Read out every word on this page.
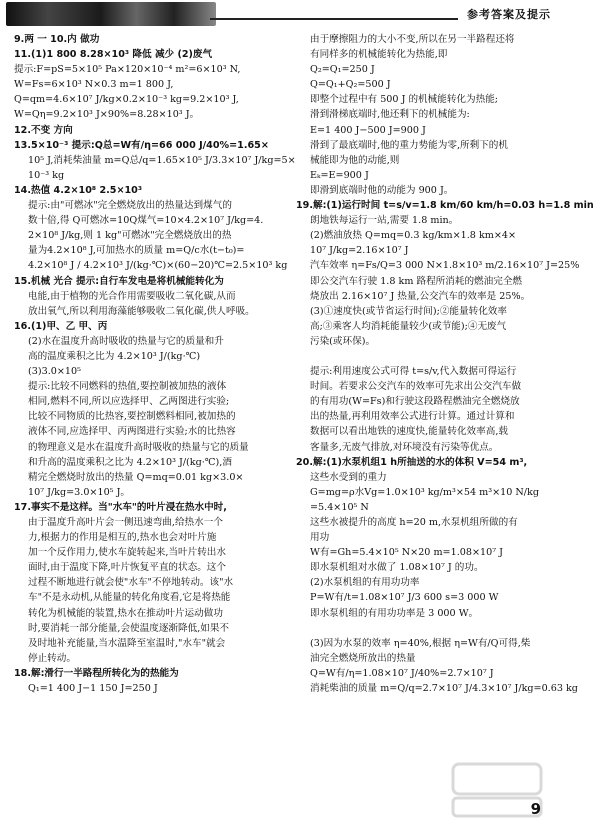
参考答案及提示
9.两 一 10.内 做功
11.(1)1 800 8.28×10³ 降低 减少 (2)废气
提示:F=pS=5×10⁵ Pa×120×10⁻⁴ m²=6×10³ N,
W=Fs=6×10³ N×0.3 m=1 800 J,
Q=qm=4.6×10⁷ J/kg×0.2×10⁻³ kg=9.2×10³ J,
W=Qη=9.2×10³ J×90%=8.28×10³ J。
12.不变 方向
13.5×10⁻³ 提示:Q总=W有/η=66 000 J/40%=1.65×
10⁵ J,消耗柴油量 m=Q总/q=1.65×10⁵ J/3.3×10⁷ J/kg=5×
10⁻³ kg
14.热值 4.2×10⁸ 2.5×10³
提示:由"可燃冰"完全燃烧放出的热量达到煤气的
数十倍,得 Q可燃冰=10Q煤气=10×4.2×10⁷ J/kg=4.
2×10⁸ J/kg,则 1 kg"可燃冰"完全燃烧放出的热
量为4.2×10⁸ J,可加热水的质量 m=Q/c水(t−t₀)=
4.2×10⁸ J / 4.2×10³ J/(kg·℃)×(60−20)℃=2.5×10³ kg
15.机械 光合 提示:自行车发电是将机械能转化为
电能,由于植物的光合作用需要吸收二氧化碳,从而
放出氧气,所以利用海藻能够吸收二氧化碳,供人呼吸。
16.(1)甲、乙 甲、丙
(2)水在温度升高时吸收的热量与它的质量和升
高的温度乘积之比为 4.2×10³ J/(kg·℃)
(3)3.0×10⁵
提示:比较不同燃料的热值,要控制被加热的液体
相同,燃料不同,所以应选择甲、乙两图进行实验;
比较不同物质的比热容,要控制燃料相同,被加热的
液体不同,应选择甲、丙两图进行实验;水的比热容
的物理意义是水在温度升高时吸收的热量与它的质量
和升高的温度乘积之比为 4.2×10³ J/(kg·℃),酒
精完全燃烧时放出的热量 Q=mq=0.01 kg×3.0×
10⁷ J/kg=3.0×10⁵ J。
17.事实不是这样。当"水车"的叶片浸在热水中时,
由于温度升高叶片会一侧迅速弯曲,给热水一个
力,根据力的作用是相互的,热水也会对叶片施
加一个反作用力,使水车旋转起来,当叶片转出水
面时,由于温度下降,叶片恢复平直的状态。这个
过程不断地进行就会使"水车"不停地转动。该"水
车"不是永动机,从能量的转化角度看,它是将热能
转化为机械能的装置,热水在推动叶片运动做功
时,要消耗一部分能量,会使温度逐渐降低,如果不
及时地补充能量,当水温降至室温时,"水车"就会
停止转动。
18.解:滑行一半路程所转化为的热能为
Q₁=1 400 J−1 150 J=250 J
由于摩擦阻力的大小不变,所以在另一半路程还将
有同样多的机械能转化为热能,即
Q₂=Q₁=250 J
Q=Q₁+Q₂=500 J
即整个过程中有 500 J 的机械能转化为热能;
滑到滑梯底端时,他还剩下的机械能为:
E=1 400 J−500 J=900 J
滑到了最底端时,他的重力势能为零,所剩下的机
械能即为他的动能,则
Eₖ=E=900 J
即滑到底端时他的动能为 900 J。
19.解:(1)运行时间 t=s/v=1.8 km/60 km/h=0.03 h=1.8 min
朗地铁每运行一站,需要 1.8 min。
(2)燃油放热 Q=mq=0.3 kg/km×1.8 km×4×
10⁷ J/kg=2.16×10⁷ J
汽车效率 η=Fs/Q=3 000 N×1.8×10³ m/2.16×10⁷ J=25%
即公交汽车行驶 1.8 km 路程所消耗的燃油完全燃
烧放出 2.16×10⁷ J 热量,公交汽车的效率是 25%。
(3)①速度快(或节省运行时间);②能量转化效率
高;③乘客人均消耗能量较少(或节能);④无废气
污染(或环保)。
提示:利用速度公式可得 t=s/v,代入数据可得运行
时间。若要求公交汽车的效率可先求出公交汽车做
的有用功(W=Fs)和行驶这段路程燃油完全燃烧放
出的热量,再利用效率公式进行计算。通过计算和
数据可以看出地铁的速度快,能量转化效率高,载
客量多,无废气排放,对环境没有污染等优点。
20.解:(1)水泵机组1 h所抽送的水的体积 V=54 m³,
这些水受到的重力
G=mg=ρ水Vg=1.0×10³ kg/m³×54 m³×10 N/kg
=5.4×10⁵ N
这些水被提升的高度 h=20 m,水泵机组所做的有
用功
W有=Gh=5.4×10⁵ N×20 m=1.08×10⁷ J
即水泵机组对水做了 1.08×10⁷ J 的功。
(2)水泵机组的有用功功率
P=W有/t=1.08×10⁷ J/3 600 s=3 000 W
即水泵机组的有用功功率是 3 000 W。
(3)因为水泵的效率 η=40%,根据 η=W有/Q可得,柴
油完全燃烧所放出的热量
Q=W有/η=1.08×10⁷ J/40%=2.7×10⁷ J
消耗柴油的质量 m=Q/q=2.7×10⁷ J/4.3×10⁷ J/kg=0.63 kg
9
